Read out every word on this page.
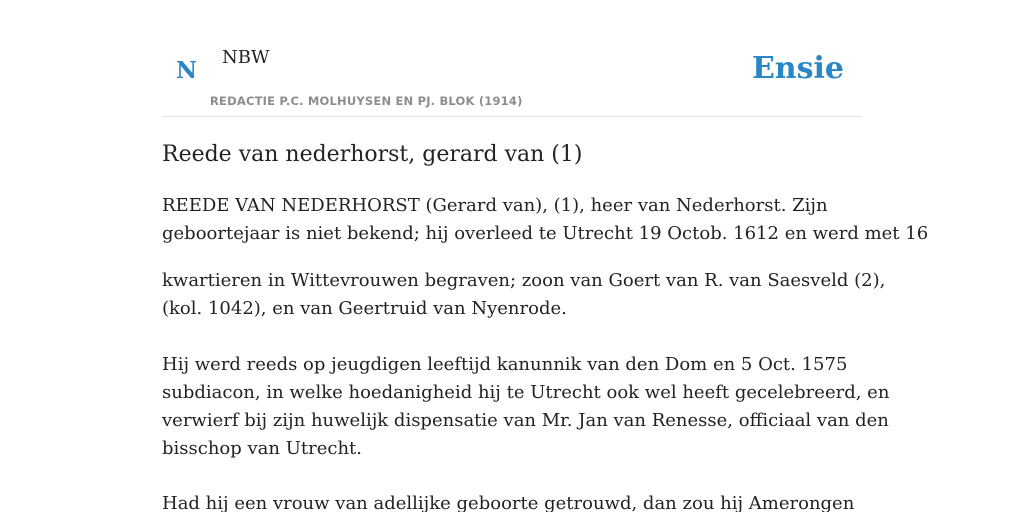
N NBW
REDACTIE P.C. MOLHUYSEN EN PJ. BLOK (1914)
Ensie
Reede van nederhorst, gerard van (1)

REEDE VAN NEDERHORST (Gerard van), (1), heer van Nederhorst. Zijn
geboortejaar is niet bekend; hij overleed te Utrecht 19 Octob. 1612 en werd met 16

kwartieren in Wittevrouwen begraven; zoon van Goert van R. van Saesveld (2),
(kol. 1042), en van Geertruid van Nyenrode.

Hij werd reeds op jeugdigen leeftijd kanunnik van den Dom en 5 Oct. 1575
subdiacon, in welke hoedanigheid hij te Utrecht ook wel heeft gecelebreerd, en
verwierf bij zijn huwelijk dispensatie van Mr. Jan van Renesse, officiaal van den
bisschop van Utrecht.

Had hij een vrouw van adellijke geboorte getrouwd, dan zou hij Amerongen
